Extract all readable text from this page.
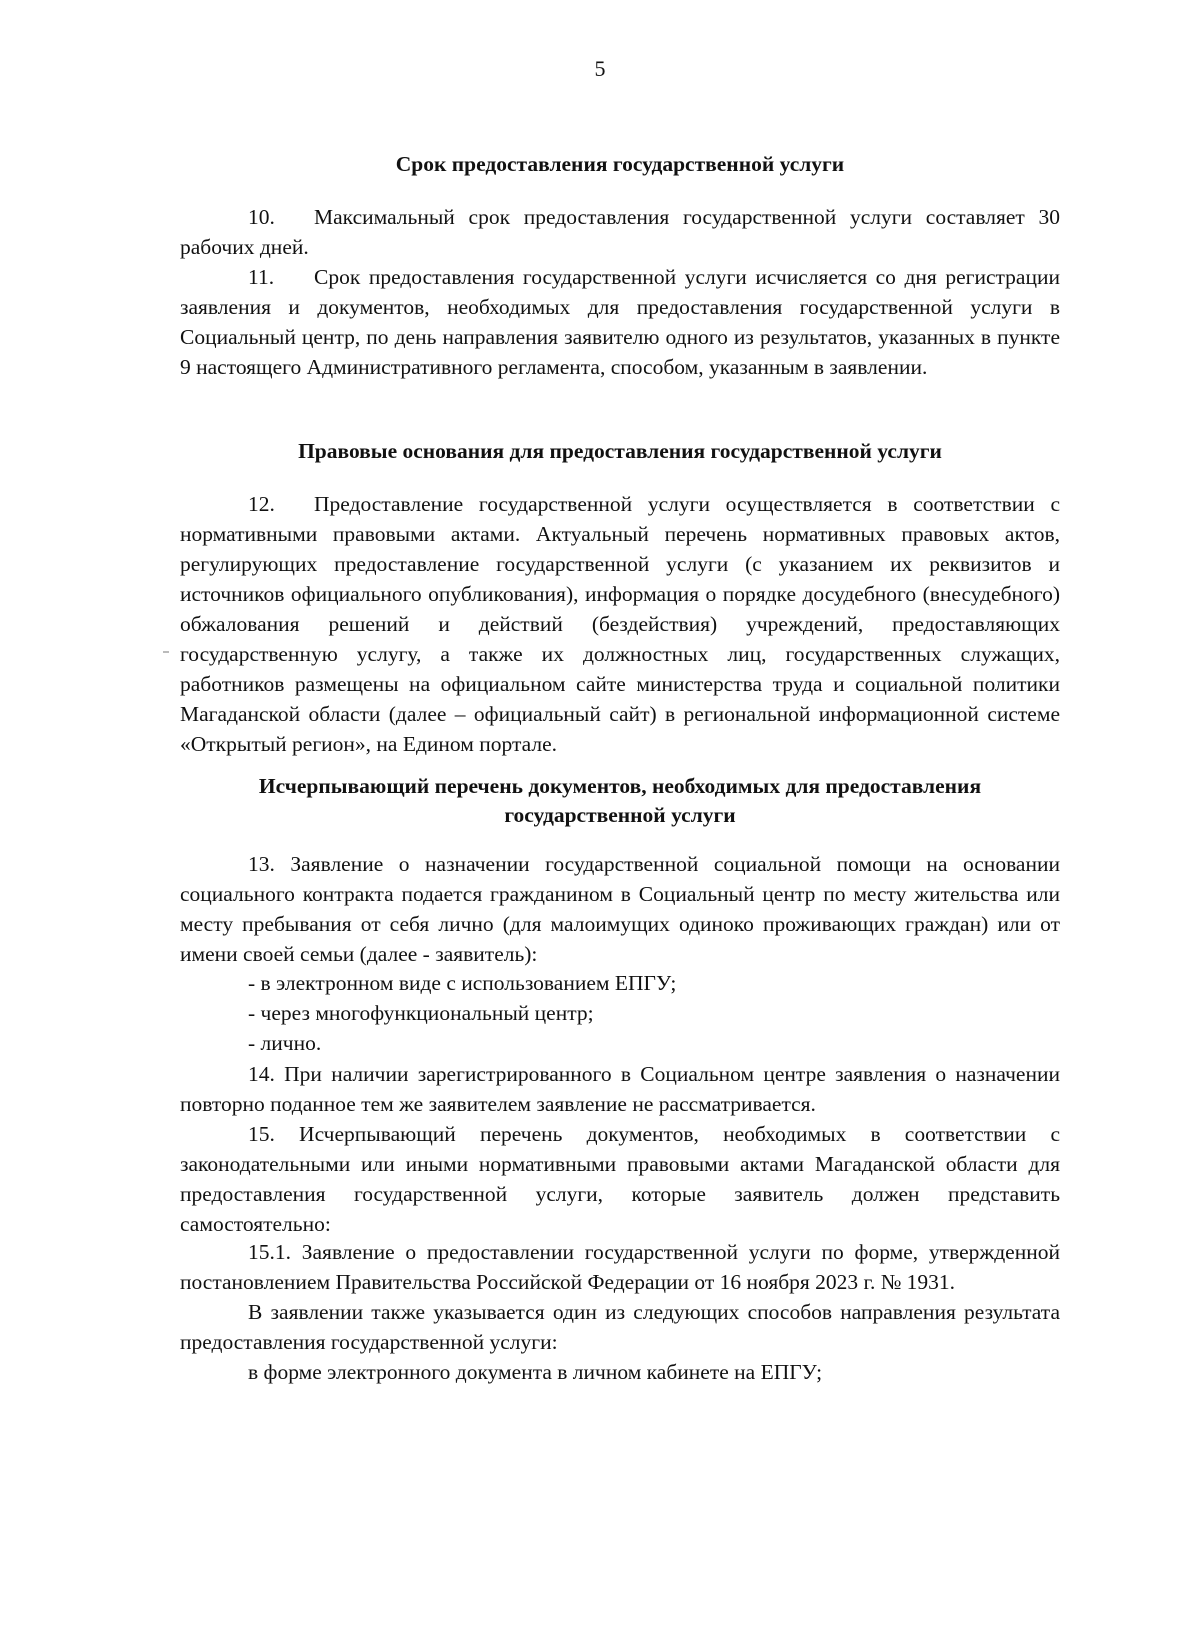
5
Срок предоставления государственной услуги

10. Максимальный срок предоставления государственной услуги составляет 30 рабочих дней.

11. Срок предоставления государственной услуги исчисляется со дня регистрации заявления и документов, необходимых для предоставления государственной услуги в Социальный центр, по день направления заявителю одного из результатов, указанных в пункте 9 настоящего Административного регламента, способом, указанным в заявлении.

Правовые основания для предоставления государственной услуги

12. Предоставление государственной услуги осуществляется в соответствии с нормативными правовыми актами. Актуальный перечень нормативных правовых актов, регулирующих предоставление государственной услуги (с указанием их реквизитов и источников официального опубликования), информация о порядке досудебного (внесудебного) обжалования решений и действий (бездействия) учреждений, предоставляющих государственную услугу, а также их должностных лиц, государственных служащих, работников размещены на официальном сайте министерства труда и социальной политики Магаданской области (далее – официальный сайт) в региональной информационной системе «Открытый регион», на Едином портале.

Исчерпывающий перечень документов, необходимых для предоставления
государственной услуги

13. Заявление о назначении государственной социальной помощи на основании социального контракта подается гражданином в Социальный центр по месту жительства или месту пребывания от себя лично (для малоимущих одиноко проживающих граждан) или от имени своей семьи (далее - заявитель):

- в электронном виде с использованием ЕПГУ;

- через многофункциональный центр;

- лично.

14. При наличии зарегистрированного в Социальном центре заявления о назначении повторно поданное тем же заявителем заявление не рассматривается.

15. Исчерпывающий перечень документов, необходимых в соответствии с законодательными или иными нормативными правовыми актами Магаданской области для предоставления государственной услуги, которые заявитель должен представить самостоятельно:

15.1. Заявление о предоставлении государственной услуги по форме, утвержденной постановлением Правительства Российской Федерации от 16 ноября 2023 г. № 1931.

В заявлении также указывается один из следующих способов направления результата предоставления государственной услуги:

в форме электронного документа в личном кабинете на ЕПГУ;
